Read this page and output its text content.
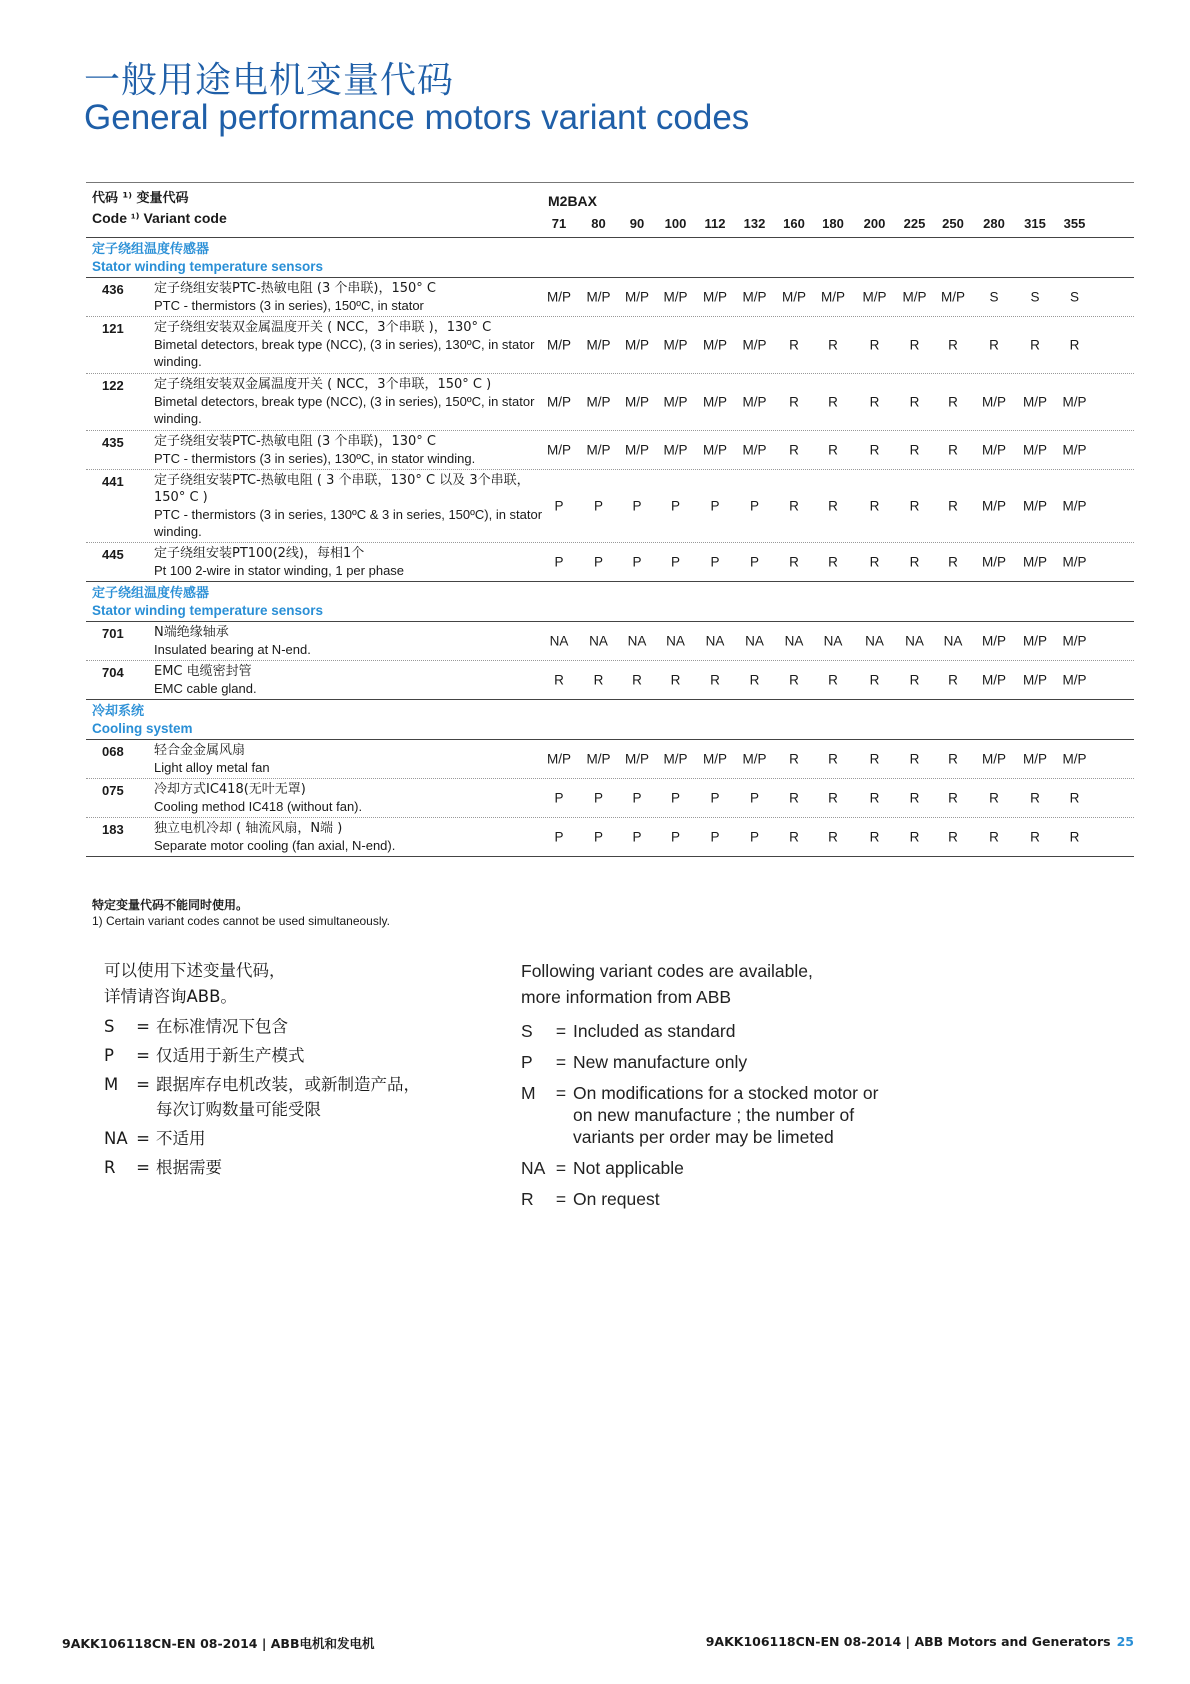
一般用途电机变量代码
General performance motors variant codes
代码 ¹⁾ 变量代码
Code ¹⁾ Variant code
M2BAX
71	80	90	100	112	132	160	180	200	225	250	280	315	355
定子绕组温度传感器
Stator winding temperature sensors
436 定子绕组安装PTC-热敏电阻 (3 个串联)，150° C
PTC - thermistors (3 in series), 150ºC, in stator
M/P	M/P	M/P	M/P	M/P	M/P	M/P	M/P	M/P	M/P	M/P	S	S	S
121 定子绕组安装双金属温度开关 ( NCC，3个串联 )，130° C
Bimetal detectors, break type (NCC), (3 in series), 130ºC, in stator winding.
M/P	M/P	M/P	M/P	M/P	M/P	R	R	R	R	R	R	R	R
122 定子绕组安装双金属温度开关 ( NCC，3个串联，150° C )
Bimetal detectors, break type (NCC), (3 in series), 150ºC, in stator winding.
M/P	M/P	M/P	M/P	M/P	M/P	R	R	R	R	R	M/P	M/P	M/P
435 定子绕组安装PTC-热敏电阻 (3 个串联)，130° C
PTC - thermistors (3 in series), 130ºC, in stator winding.
M/P	M/P	M/P	M/P	M/P	M/P	R	R	R	R	R	M/P	M/P	M/P
441 定子绕组安装PTC-热敏电阻 ( 3 个串联，130° C 以及 3个串联，150° C )
PTC - thermistors (3 in series, 130ºC & 3 in series, 150ºC), in stator winding.
P	P	P	P	P	P	R	R	R	R	R	M/P	M/P	M/P
445 定子绕组安装PT100(2线)，每相1个
Pt 100 2-wire in stator winding, 1 per phase
P	P	P	P	P	P	R	R	R	R	R	M/P	M/P	M/P
定子绕组温度传感器
Stator winding temperature sensors
701 N端绝缘轴承
Insulated bearing at N-end.
NA	NA	NA	NA	NA	NA	NA	NA	NA	NA	NA	M/P	M/P	M/P
704 EMC 电缆密封管
EMC cable gland.
R	R	R	R	R	R	R	R	R	R	R	M/P	M/P	M/P
冷却系统
Cooling system
068 轻合金金属风扇
Light alloy metal fan
M/P	M/P	M/P	M/P	M/P	M/P	R	R	R	R	R	M/P	M/P	M/P
075 冷却方式IC418(无叶无罩)
Cooling method IC418 (without fan).
P	P	P	P	P	P	R	R	R	R	R	R	R	R
183 独立电机冷却 ( 轴流风扇，N端 )
Separate motor cooling (fan axial, N-end).
P	P	P	P	P	P	R	R	R	R	R	R	R	R
特定变量代码不能同时使用。
1) Certain variant codes cannot be used simultaneously.
可以使用下述变量代码，
详情请咨询ABB。
S	= 在标准情况下包含
P	= 仅适用于新生产模式
M	= 跟据库存电机改装，或新制造产品，
每次订购数量可能受限
NA = 不适用
R	= 根据需要
Following variant codes are available,
more information from ABB
S	= Included as standard
P	= New manufacture only
M	= On modifications for a stocked motor or
on new manufacture ; the number of
variants per order may be limeted
NA = Not applicable
R	= On request
9AKK106118CN-EN 08-2014 | ABB电机和发电机	9AKK106118CN-EN 08-2014 | ABB Motors and Generators 25
